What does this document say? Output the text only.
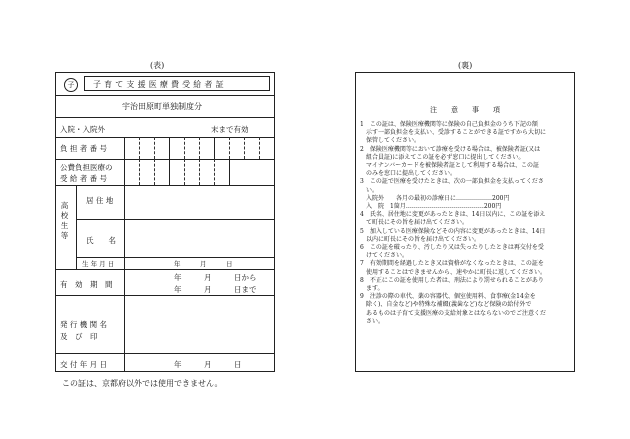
(表)
子	子 育 て 支 援 医 療 費 受 給 者 証
宇治田原町単独制度分
入院・入院外	末まで有効
負 担 者 番 号
公費負担医療の
受 給 者 番 号
高校生等
居 住 地
氏　　名
生 年 月 日	年　　　月　　　日
有　効　期　間
年　　　月　　　日から
年　　　月　　　日まで
発 行 機 関 名
及　び　印
交 付 年 月 日	年　　　月　　　日
この証は、京都府以外では使用できません。
(裏)
注　　意　　事　　項
1　この証は、保険医療機関等に保険の自己負担金のうち下記の額
　示す一部負担金を支払い、受診することができる証ですから大切に
　保管してください。
2　保険医療機関等において診療を受ける場合は、被保険者証(又は
　組合員証)に添えてこの証を必ず窓口に提出してください。
　マイナンバーカードを被保険者証として利用する場合は、この証
　のみを窓口に提出してください。
3　この証で医療を受けたときは、次の一部負担金を支払ってくださ
　い。
　入院外　　各月の最初の診療日に………………200円
　入　院　1箇月…………………………………200円
4　氏名、居住地に変更があったときは、14日以内に、この証を添え
　て町長にその旨を届け出てください。
5　加入している医療保険などその内容に変更があったときは、14日
　以内に町長にその旨を届け出てください。
6　この証を破ったり、汚したり又は失ったりしたときは再交付を受
　けてください。
7　有効期間を経過したとき又は資格がなくなったときは、この証を
　使用することはできませんから、速やかに町長に返してください。
8　不正にこの証を使用した者は、刑法により罰せられることがあり
　ます。
9　注診の際の車代、薬の容器代、個室使用料、食事療(金14金を
　除く)、自金など)や特殊な補綴(義歯など)など保険の給付外で
　あるものは子育て支援医療の支給対象とはならないのでご注意くだ
　さい。
